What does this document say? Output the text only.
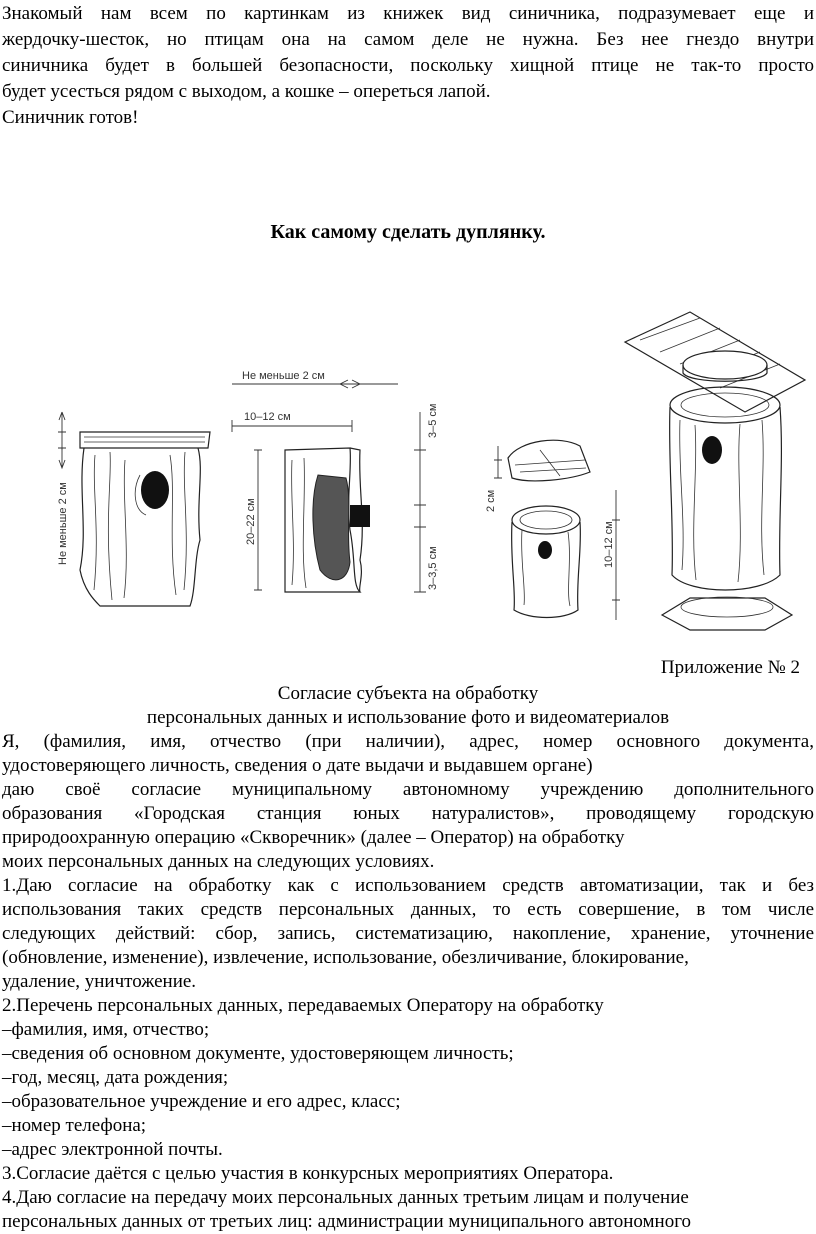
Знакомый нам всем по картинкам из книжек вид синичника, подразумевает еще и

жердочку-шесток, но птицам она на самом деле не нужна. Без нее гнездо внутри

синичника будет в большей безопасности, поскольку хищной птице не так-то просто

будет усесться рядом с выходом, а кошке – опереться лапой.

Синичник готов!

Как самому сделать дуплянку.

Не меньше 2 см
Не меньше 2 см
10–12 см
20–22 см
3–5 см
3–3,5 см
2 см
10–12 см

Приложение № 2

Согласие субъекта на обработку

персональных данных и использование фото и видеоматериалов

Я, (фамилия, имя, отчество (при наличии), адрес, номер основного документа,

удостоверяющего личность, сведения о дате выдачи и выдавшем органе)

даю своё согласие муниципальному автономному учреждению дополнительного

образования «Городская станция юных натуралистов», проводящему городскую

природоохранную операцию «Скворечник» (далее – Оператор) на обработку

моих персональных данных на следующих условиях.

1.Даю согласие на обработку как с использованием средств автоматизации, так и без

использования таких средств персональных данных, то есть совершение, в том числе

следующих действий: сбор, запись, систематизацию, накопление, хранение, уточнение

(обновление, изменение), извлечение, использование, обезличивание, блокирование,

удаление, уничтожение.

2.Перечень персональных данных, передаваемых Оператору на обработку

–фамилия, имя, отчество;

–сведения об основном документе, удостоверяющем личность;

–год, месяц, дата рождения;

–образовательное учреждение и его адрес, класс;

–номер телефона;

–адрес электронной почты.

3.Согласие даётся с целью участия в конкурсных мероприятиях Оператора.

4.Даю согласие на передачу моих персональных данных третьим лицам и получение

персональных данных от третьих лиц: администрации муниципального автономного
